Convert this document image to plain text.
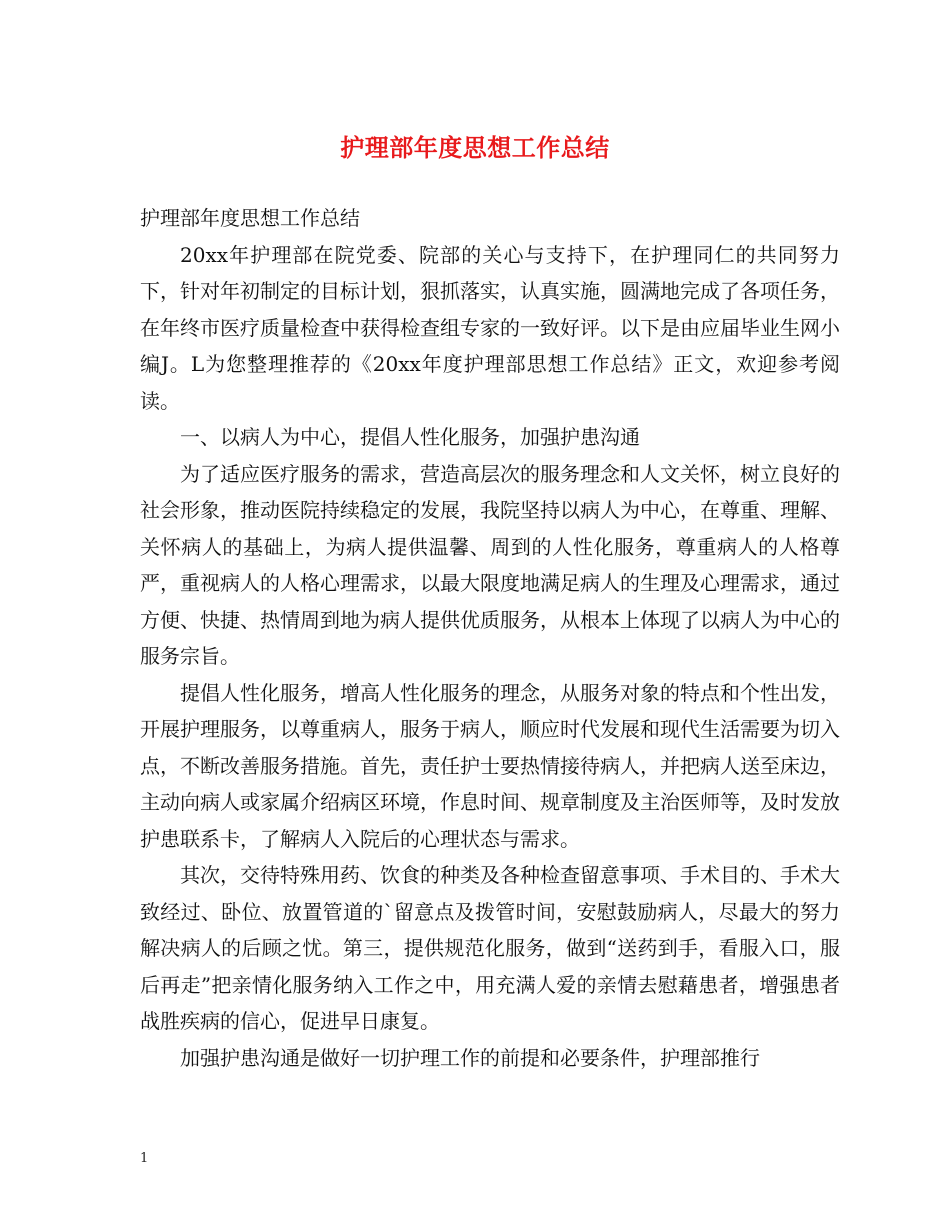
护理部年度思想工作总结

护理部年度思想工作总结

20xx年护理部在院党委、院部的关心与支持下，在护理同仁的共同努力下，针对年初制定的目标计划，狠抓落实，认真实施，圆满地完成了各项任务，在年终市医疗质量检查中获得检查组专家的一致好评。以下是由应届毕业生网小编J。L为您整理推荐的《20xx年度护理部思想工作总结》正文，欢迎参考阅读。

一、以病人为中心，提倡人性化服务，加强护患沟通

为了适应医疗服务的需求，营造高层次的服务理念和人文关怀，树立良好的社会形象，推动医院持续稳定的发展，我院坚持以病人为中心，在尊重、理解、关怀病人的基础上，为病人提供温馨、周到的人性化服务，尊重病人的人格尊严，重视病人的人格心理需求，以最大限度地满足病人的生理及心理需求，通过方便、快捷、热情周到地为病人提供优质服务，从根本上体现了以病人为中心的服务宗旨。

提倡人性化服务，增高人性化服务的理念，从服务对象的特点和个性出发，开展护理服务，以尊重病人，服务于病人，顺应时代发展和现代生活需要为切入点，不断改善服务措施。首先，责任护士要热情接待病人，并把病人送至床边，主动向病人或家属介绍病区环境，作息时间、规章制度及主治医师等，及时发放护患联系卡，了解病人入院后的心理状态与需求。

其次，交待特殊用药、饮食的种类及各种检查留意事项、手术目的、手术大致经过、卧位、放置管道的`留意点及拨管时间，安慰鼓励病人，尽最大的努力解决病人的后顾之忧。第三，提供规范化服务，做到“送药到手，看服入口，服后再走”把亲情化服务纳入工作之中，用充满人爱的亲情去慰藉患者，增强患者战胜疾病的信心，促进早日康复。

加强护患沟通是做好一切护理工作的前提和必要条件，护理部推行

1
